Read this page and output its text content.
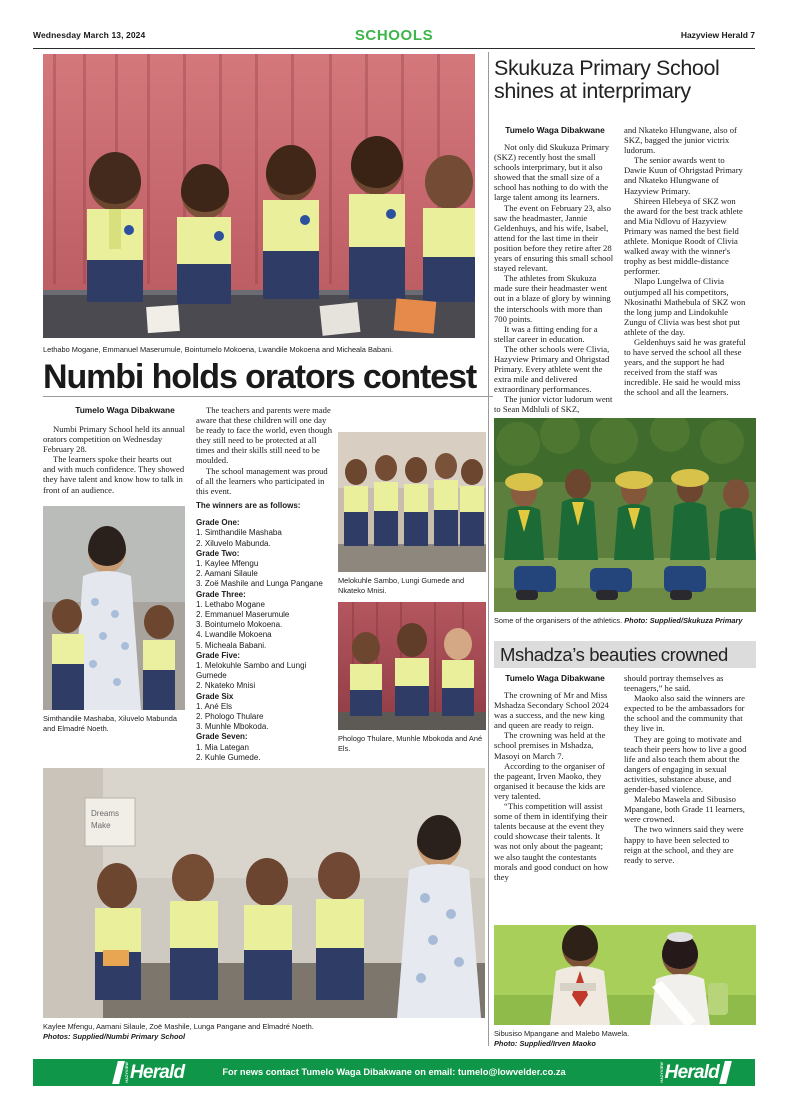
Wednesday March 13, 2024	SCHOOLS	Hazyview Herald 7
Lethabo Mogane, Emmanuel Maserumule, Bointumelo Mokoena, Lwandile Mokoena and Micheala Babani.
Numbi holds orators contest
Tumelo Waga Dibakwane

Numbi Primary School held its annual orators competition on Wednesday February 28.

The learners spoke their hearts out and with much confidence. They showed they have talent and know how to talk in front of an audience.

The teachers and parents were made aware that these children will one day be ready to face the world, even though they still need to be protected at all times and their skills still need to be moulded.

The school management was proud of all the learners who participated in this event.

The winners are as follows:
Grade One:
1. Simthandile Mashaba
2. Xiluvelo Mabunda.
Grade Two:
1. Kaylee Mfengu
2. Aamani Silaule
3. Zoë Mashile and Lunga Pangane
Grade Three:
1. Lethabo Mogane
2. Emmanuel Maserumule
3. Bointumelo Mokoena.
4. Lwandile Mokoena
5. Micheala Babani.
Grade Five:
1. Melokuhle Sambo and Lungi Gumede
2. Nkateko Mnisi
Grade Six
1. Ané Els
2. Phologo Thulare
3. Munhle Mbokoda.
Grade Seven:
1. Mia Lategan
2. Kuhle Gumede.
Simthandile Mashaba, Xiluvelo Mabunda and Elmadré Noeth.
Melokuhle Sambo, Lungi Gumede and Nkateko Mnisi.
Phologo Thulare, Munhle Mbokoda and Ané Els.
Dreams
Make
Kaylee Mfengu, Aamani Silaule, Zoë Mashile, Lunga Pangane and Elmadré Noeth.
Photos: Supplied/Numbi Primary School
Skukuza Primary School shines at interprimary
Tumelo Waga Dibakwane

Not only did Skukuza Primary (SKZ) recently host the small schools interprimary, but it also showed that the small size of a school has nothing to do with the large talent among its learners.

The event on February 23, also saw the headmaster, Jannie Geldenhuys, and his wife, Isabel, attend for the last time in their position before they retire after 28 years of ensuring this small school stayed relevant.

The athletes from Skukuza made sure their headmaster went out in a blaze of glory by winning the interschools with more than 700 points.

It was a fitting ending for a stellar career in education.

The other schools were Clivia, Hazyview Primary and Ohrigstad Primary. Every athlete went the extra mile and delivered extraordinary performances.

The junior victor ludorum went to Sean Mdhluli of SKZ,

and Nkateko Hlungwane, also of SKZ, bagged the junior victrix ludorum.

The senior awards went to Dawie Kuun of Ohrigstad Primary and Nkateko Hlungwane of Hazyview Primary.

Shireen Hlebeya of SKZ won the award for the best track athlete and Mia Ndlovu of Hazyview Primary was named the best field athlete. Monique Roodt of Clivia walked away with the winner's trophy as best middle-distance performer.

Nlapo Lungelwa of Clivia outjumped all his competitors, Nkosinathi Mathebula of SKZ won the long jump and Lindokuhle Zungu of Clivia was best shot put athlete of the day.

Geldenhuys said he was grateful to have served the school all these years, and the support he had received from the staff was incredible. He said he would miss the school and all the learners.

Some of the organisers of the athletics. Photo: Supplied/Skukuza Primary
Mshadza’s beauties crowned
Tumelo Waga Dibakwane

The crowning of Mr and Miss Mshadza Secondary School 2024 was a success, and the new king and queen are ready to reign.

The crowning was held at the school premises in Mshadza, Masoyi on March 7.

According to the organiser of the pageant, Irven Maoko, they organised it because the kids are very talented.

“This competition will assist some of them in identifying their talents because at the event they could showcase their talents. It was not only about the pageant; we also taught the contestants morals and good conduct on how they

should portray themselves as teenagers,” he said.

Maoko also said the winners are expected to be the ambassadors for the school and the community that they live in.

They are going to motivate and teach their peers how to live a good life and also teach them about the dangers of engaging in sexual activities, substance abuse, and gender-based violence.

Malebo Mawela and Sibusiso Mpangane, both Grade 11 learners, were crowned.

The two winners said they were happy to have been selected to reign at the school, and they are ready to serve.

Sibusiso Mpangane and Malebo Mawela.
Photo: Supplied/Irven Maoko
HAZYVIEW Herald	For news contact Tumelo Waga Dibakwane on email: tumelo@lowvelder.co.za	HAZYVIEW Herald
